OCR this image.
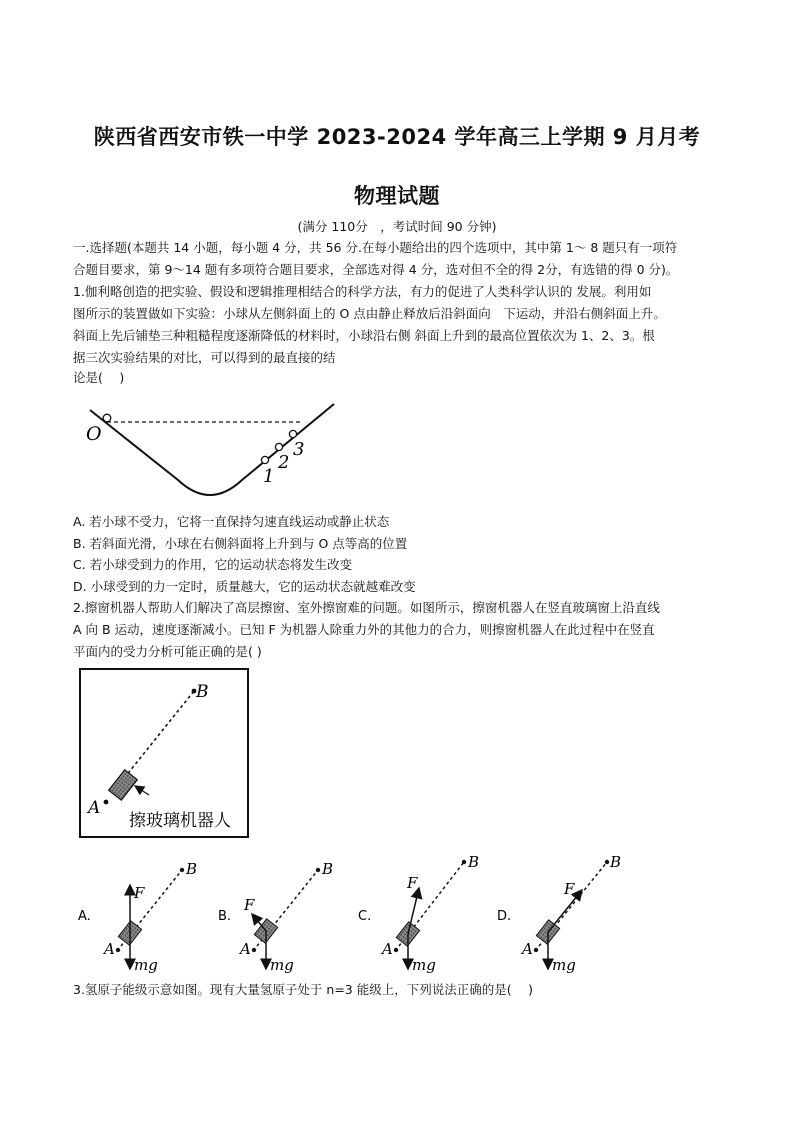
陕西省西安市铁一中学 2023-2024 学年高三上学期 9 月月考
物理试题
(满分 110分　，考试时间 90 分钟)
一.选择题(本题共 14 小题，每小题 4 分，共 56 分.在每小题给出的四个选项中，其中第 1～ 8 题只有一项符
合题目要求，第 9～14 题有多项符合题目要求，全部选对得 4 分，选对但不全的得 2分，有选错的得 0 分)。
1.伽利略创造的把实验、假设和逻辑推理相结合的科学方法，有力的促进了人类科学认识的 发展。利用如
图所示的装置做如下实验：小球从左侧斜面上的 O 点由静止释放后沿斜面向　下运动，并沿右侧斜面上升。
斜面上先后铺垫三种粗糙程度逐渐降低的材料时，小球沿右侧 斜面上升到的最高位置依次为 1、2、3。根
据三次实验结果的对比，可以得到的最直接的结
论是(　 )
O
1
2
3
A. 若小球不受力，它将一直保持匀速直线运动或静止状态
B. 若斜面光滑，小球在右侧斜面将上升到与 O 点等高的位置
C. 若小球受到力的作用，它的运动状态将发生改变
D. 小球受到的力一定时，质量越大，它的运动状态就越难改变
2.擦窗机器人帮助人们解决了高层擦窗、室外擦窗难的问题。如图所示，擦窗机器人在竖直玻璃窗上沿直线
A 向 B 运动，速度逐渐减小。已知 F 为机器人除重力外的其他力的合力，则擦窗机器人在此过程中在竖直
平面内的受力分析可能正确的是( )
B
A
擦玻璃机器人
A.
F
mg
B
A
B.
F
mg
B
A
C.
F
mg
B
A
D.
F
mg
B
A
3.氢原子能级示意如图。现有大量氢原子处于 n=3 能级上，下列说法正确的是(　 )
